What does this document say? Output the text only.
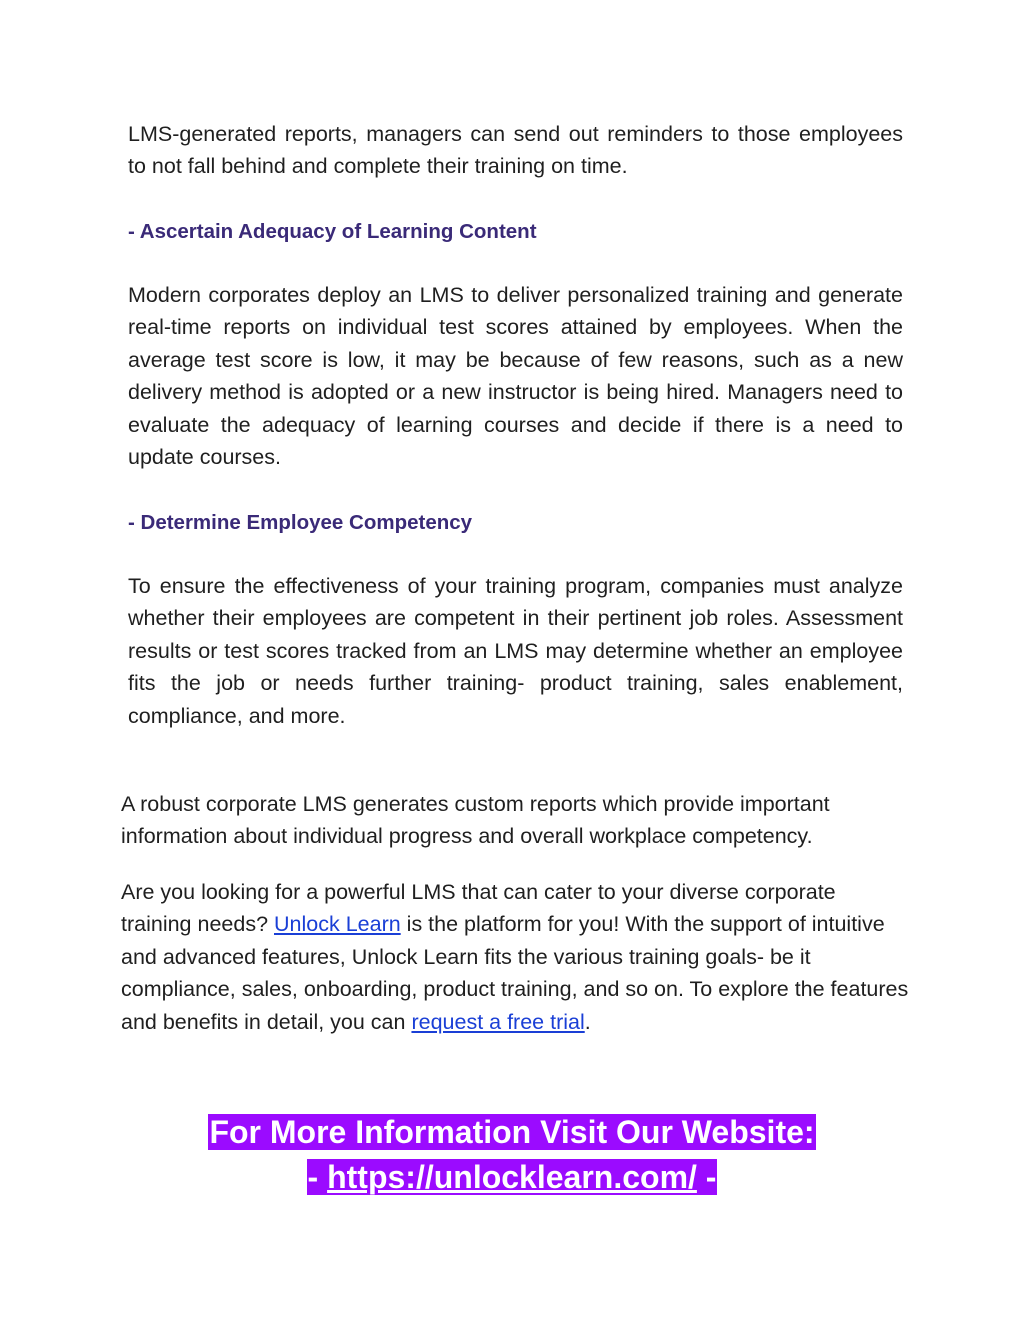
LMS-generated reports, managers can send out reminders to those employees to not fall behind and complete their training on time.

- Ascertain Adequacy of Learning Content

Modern corporates deploy an LMS to deliver personalized training and generate real-time reports on individual test scores attained by employees. When the average test score is low, it may be because of few reasons, such as a new delivery method is adopted or a new instructor is being hired. Managers need to evaluate the adequacy of learning courses and decide if there is a need to update courses.

- Determine Employee Competency

To ensure the effectiveness of your training program, companies must analyze whether their employees are competent in their pertinent job roles. Assessment results or test scores tracked from an LMS may determine whether an employee fits the job or needs further training- product training, sales enablement, compliance, and more.

A robust corporate LMS generates custom reports which provide important information about individual progress and overall workplace competency.

Are you looking for a powerful LMS that can cater to your diverse corporate training needs? Unlock Learn is the platform for you! With the support of intuitive and advanced features, Unlock Learn fits the various training goals- be it compliance, sales, onboarding, product training, and so on. To explore the features and benefits in detail, you can request a free trial.

For More Information Visit Our Website:
- https://unlocklearn.com/ -
